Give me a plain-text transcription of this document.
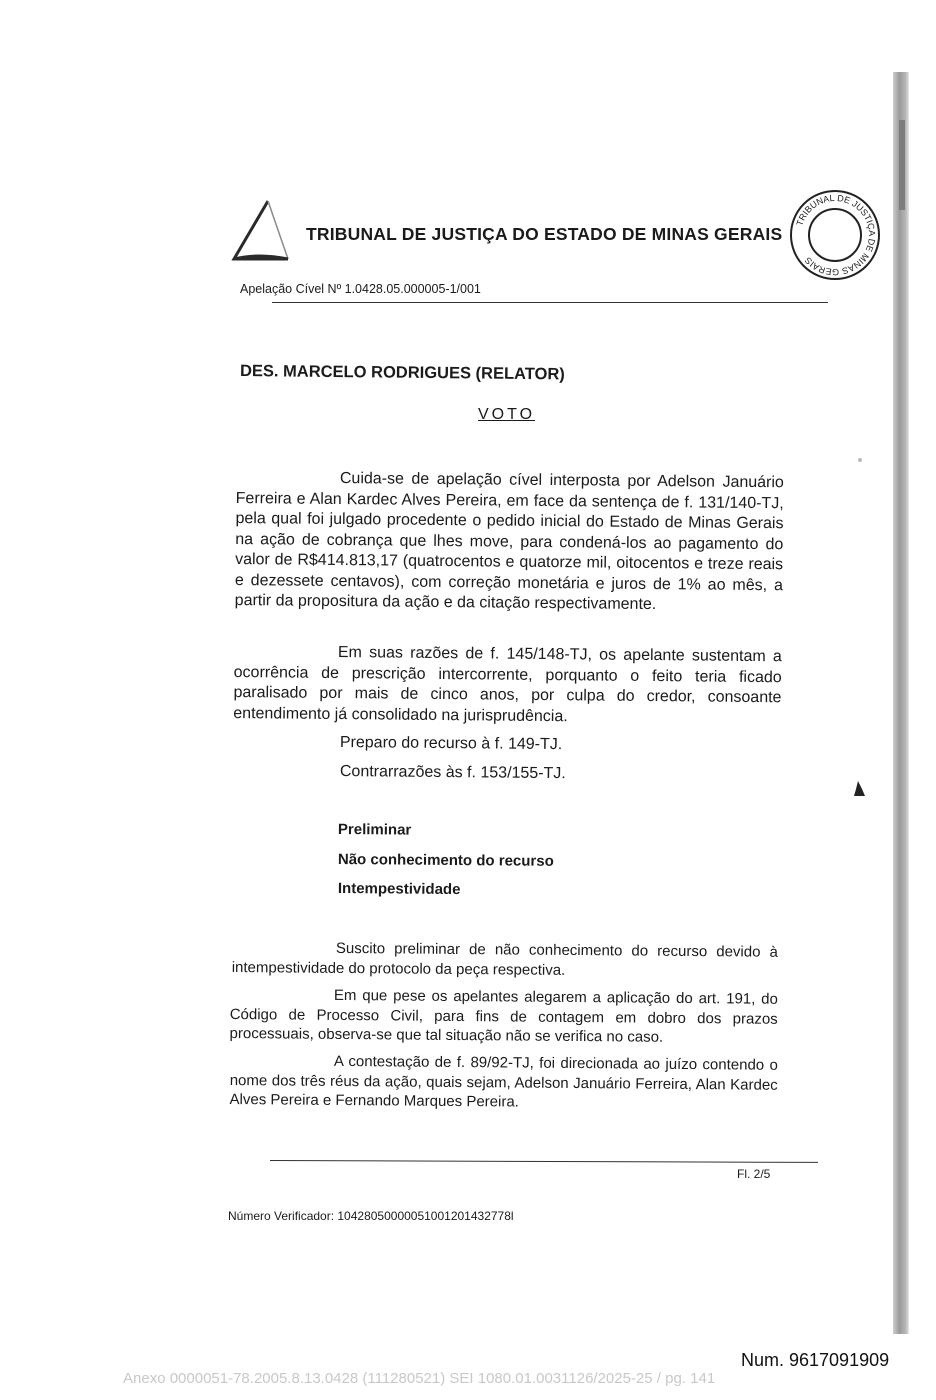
TRIBUNAL DE JUSTIÇA DO ESTADO DE MINAS GERAIS
TRIBUNAL DE JUSTIÇA DE MINAS GERAIS
Apelação Cível Nº 1.0428.05.000005-1/001
DES. MARCELO RODRIGUES (RELATOR)
VOTO

Cuida-se de apelação cível interposta por Adelson Januário Ferreira e Alan Kardec Alves Pereira, em face da sentença de f. 131/140-TJ, pela qual foi julgado procedente o pedido inicial do Estado de Minas Gerais na ação de cobrança que lhes move, para condená-los ao pagamento do valor de R$414.813,17 (quatrocentos e quatorze mil, oitocentos e treze reais e dezessete centavos), com correção monetária e juros de 1% ao mês, a partir da propositura da ação e da citação respectivamente.

Em suas razões de f. 145/148-TJ, os apelante sustentam a ocorrência de prescrição intercorrente, porquanto o feito teria ficado paralisado por mais de cinco anos, por culpa do credor, consoante entendimento já consolidado na jurisprudência.

Preparo do recurso à f. 149-TJ.
Contrarrazões às f. 153/155-TJ.
Preliminar
Não conhecimento do recurso
Intempestividade

Suscito preliminar de não conhecimento do recurso devido à intempestividade do protocolo da peça respectiva.

Em que pese os apelantes alegarem a aplicação do art. 191, do Código de Processo Civil, para fins de contagem em dobro dos prazos processuais, observa-se que tal situação não se verifica no caso.

A contestação de f. 89/92-TJ, foi direcionada ao juízo contendo o nome dos três réus da ação, quais sejam, Adelson Januário Ferreira, Alan Kardec Alves Pereira e Fernando Marques Pereira.

Fl. 2/5
Número Verificador: 10428050000051001201432778l
Num. 9617091909
Anexo 0000051-78.2005.8.13.0428 (111280521) SEI 1080.01.0031126/2025-25 / pg. 141
